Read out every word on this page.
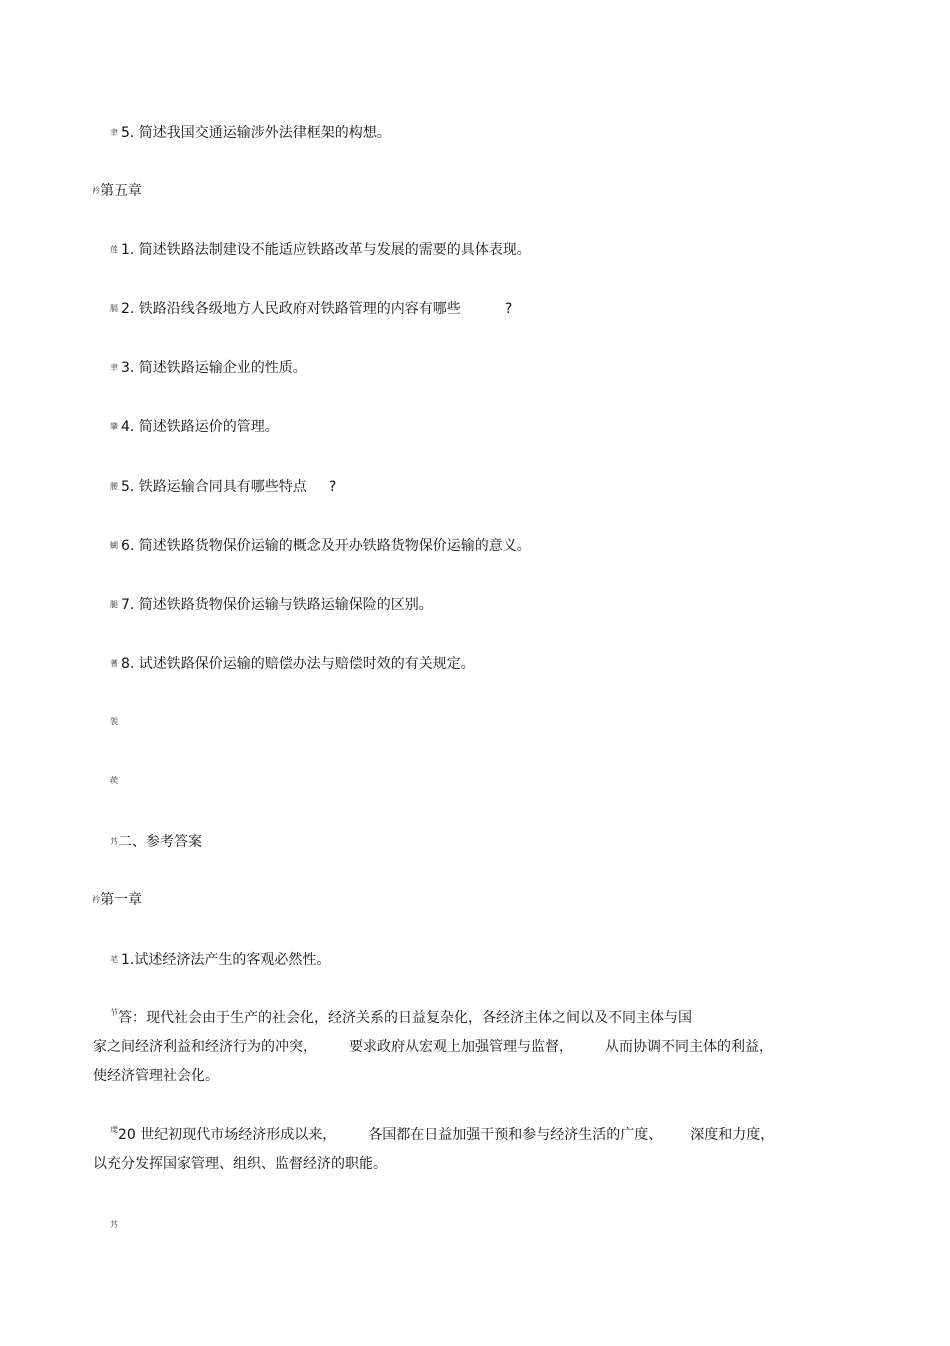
聿 5. 简述我国交通运输涉外法律框架的构想。
衿第五章
莲 1. 简述铁路法制建设不能适应铁路改革与发展的需要的具体表现。
膈 2. 铁路沿线各级地方人民政府对铁路管理的内容有哪些	?
聿 3. 简述铁路运输企业的性质。
肇 4. 简述铁路运价的管理。
腰 5. 铁路运输合同具有哪些特点 ?
蝴 6. 简述铁路货物保价运输的概念及开办铁路货物保价运输的意义。
腿 7. 简述铁路货物保价运输与铁路运输保险的区别。
蓍 8. 试述铁路保价运输的赔偿办法与赔偿时效的有关规定。
袈
蒺
艿二、参考答案
衿第一章
芼 1.试述经济法产生的客观必然性。
节答：现代社会由于生产的社会化，经济关系的日益复杂化，各经济主体之间以及不同主体与国
家之间经济利益和经济行为的冲突， 要求政府从宏观上加强管理与监督， 从而协调不同主体的利益，
使经济管理社会化。
虔20 世纪初现代市场经济形成以来， 各国都在日益加强干预和参与经济生活的广度、 深度和力度，
以充分发挥国家管理、组织、监督经济的职能。
艿
